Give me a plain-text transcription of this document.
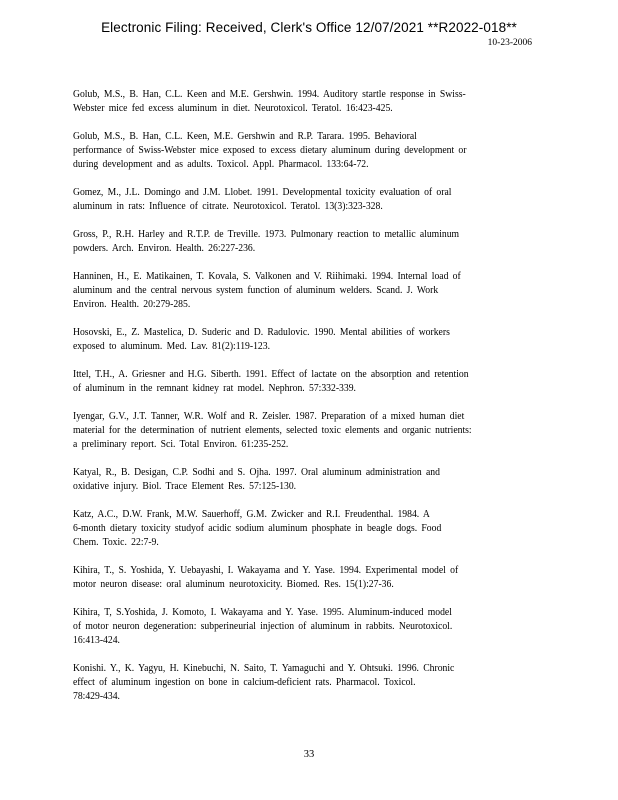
Electronic Filing: Received, Clerk's Office 12/07/2021 **R2022-018**
10-23-2006
Golub, M.S., B. Han, C.L. Keen and M.E. Gershwin. 1994. Auditory startle response in Swiss-
Webster mice fed excess aluminum in diet. Neurotoxicol. Teratol. 16:423-425.
Golub, M.S., B. Han, C.L. Keen, M.E. Gershwin and R.P. Tarara. 1995. Behavioral
performance of Swiss-Webster mice exposed to excess dietary aluminum during development or
during development and as adults. Toxicol. Appl. Pharmacol. 133:64-72.
Gomez, M., J.L. Domingo and J.M. Llobet. 1991. Developmental toxicity evaluation of oral
aluminum in rats: Influence of citrate. Neurotoxicol. Teratol. 13(3):323-328.
Gross, P., R.H. Harley and R.T.P. de Treville. 1973. Pulmonary reaction to metallic aluminum
powders. Arch. Environ. Health. 26:227-236.
Hanninen, H., E. Matikainen, T. Kovala, S. Valkonen and V. Riihimaki. 1994. Internal load of
aluminum and the central nervous system function of aluminum welders. Scand. J. Work
Environ. Health. 20:279-285.
Hosovski, E., Z. Mastelica, D. Suderic and D. Radulovic. 1990. Mental abilities of workers
exposed to aluminum. Med. Lav. 81(2):119-123.
Ittel, T.H., A. Griesner and H.G. Siberth. 1991. Effect of lactate on the absorption and retention
of aluminum in the remnant kidney rat model. Nephron. 57:332-339.
Iyengar, G.V., J.T. Tanner, W.R. Wolf and R. Zeisler. 1987. Preparation of a mixed human diet
material for the determination of nutrient elements, selected toxic elements and organic nutrients:
a preliminary report. Sci. Total Environ. 61:235-252.
Katyal, R., B. Desigan, C.P. Sodhi and S. Ojha. 1997. Oral aluminum administration and
oxidative injury. Biol. Trace Element Res. 57:125-130.
Katz, A.C., D.W. Frank, M.W. Sauerhoff, G.M. Zwicker and R.I. Freudenthal. 1984. A
6-month dietary toxicity studyof acidic sodium aluminum phosphate in beagle dogs. Food
Chem. Toxic. 22:7-9.
Kihira, T., S. Yoshida, Y. Uebayashi, I. Wakayama and Y. Yase. 1994. Experimental model of
motor neuron disease: oral aluminum neurotoxicity. Biomed. Res. 15(1):27-36.
Kihira, T, S.Yoshida, J. Komoto, I. Wakayama and Y. Yase. 1995. Aluminum-induced model
of motor neuron degeneration: subperineurial injection of aluminum in rabbits. Neurotoxicol.
16:413-424.
Konishi. Y., K. Yagyu, H. Kinebuchi, N. Saito, T. Yamaguchi and Y. Ohtsuki. 1996. Chronic
effect of aluminum ingestion on bone in calcium-deficient rats. Pharmacol. Toxicol.
78:429-434.
33
